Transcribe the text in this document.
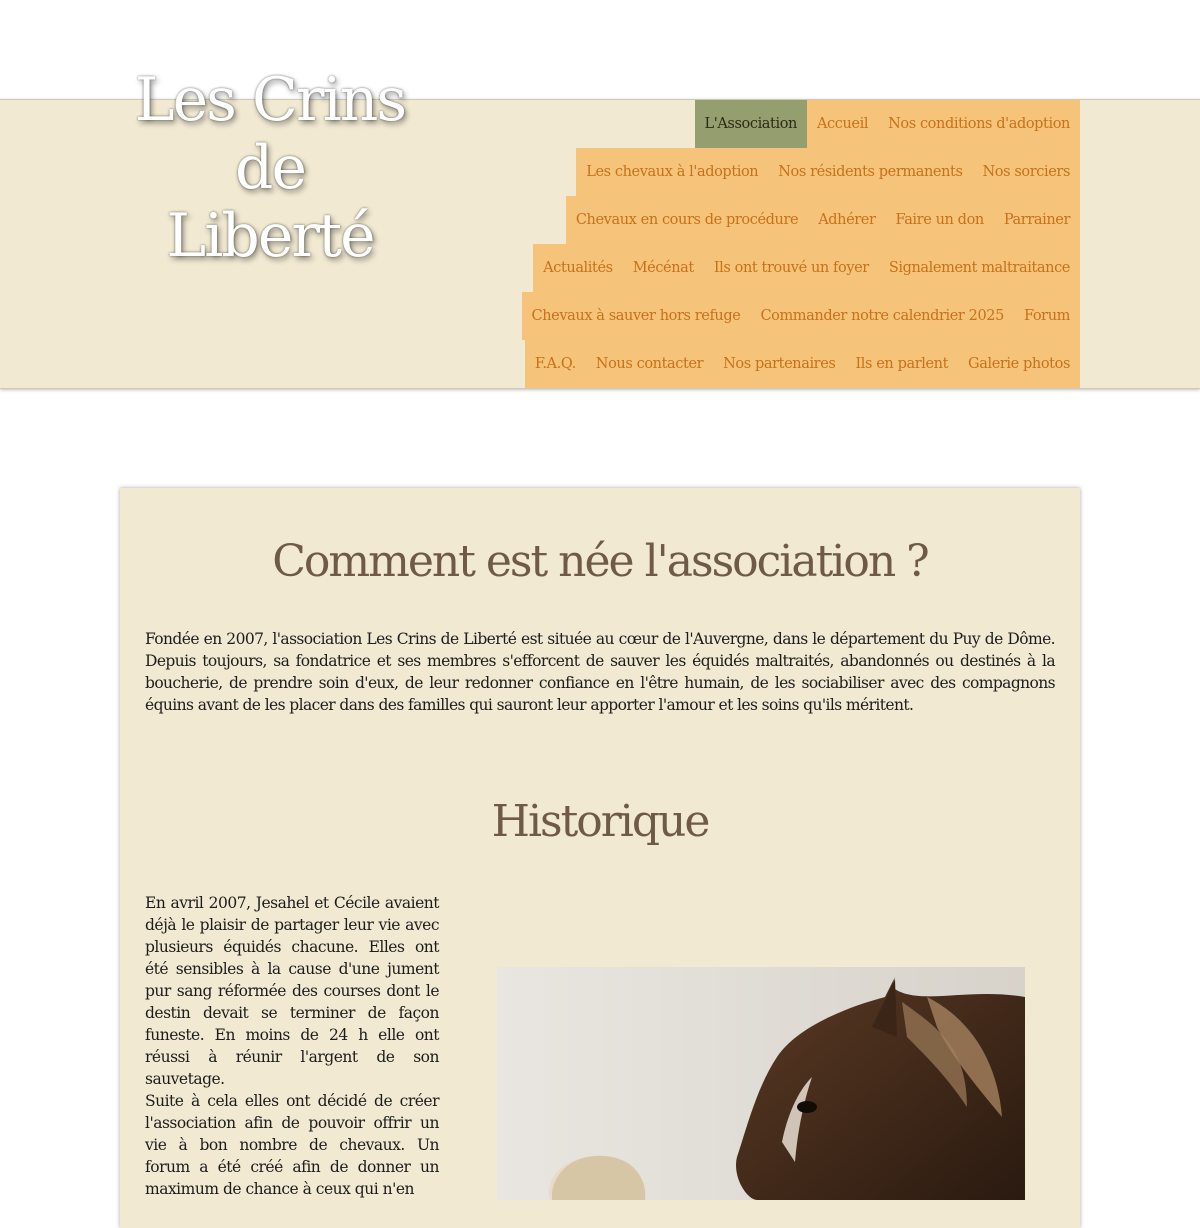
Les Crins
de
Liberté
L'Association	Accueil	Nos conditions d'adoption
Les chevaux à l'adoption	Nos résidents permanents	Nos sorciers
Chevaux en cours de procédure	Adhérer	Faire un don	Parrainer
Actualités	Mécénat	Ils ont trouvé un foyer	Signalement maltraitance
Chevaux à sauver hors refuge	Commander notre calendrier 2025	Forum
F.A.Q.	Nous contacter	Nos partenaires	Ils en parlent	Galerie photos
Comment est née l'association ?

Fondée en 2007, l'association Les Crins de Liberté est située au cœur de l'Auvergne, dans le département du Puy de Dôme. Depuis toujours, sa fondatrice et ses membres s'efforcent de sauver les équidés maltraités, abandonnés ou destinés à la boucherie, de prendre soin d'eux, de leur redonner confiance en l'être humain, de les sociabiliser avec des compagnons équins avant de les placer dans des familles qui sauront leur apporter l'amour et les soins qu'ils méritent.

Historique

En avril 2007, Jesahel et Cécile avaient déjà le plaisir de partager leur vie avec plusieurs équidés chacune. Elles ont été sensibles à la cause d'une jument pur sang réformée des courses dont le destin devait se terminer de façon funeste. En moins de 24 h elle ont réussi à réunir l'argent de son sauvetage.

Suite à cela elles ont décidé de créer l'association afin de pouvoir offrir un vie à bon nombre de chevaux. Un forum a été créé afin de donner un maximum de chance à ceux qui n'en
